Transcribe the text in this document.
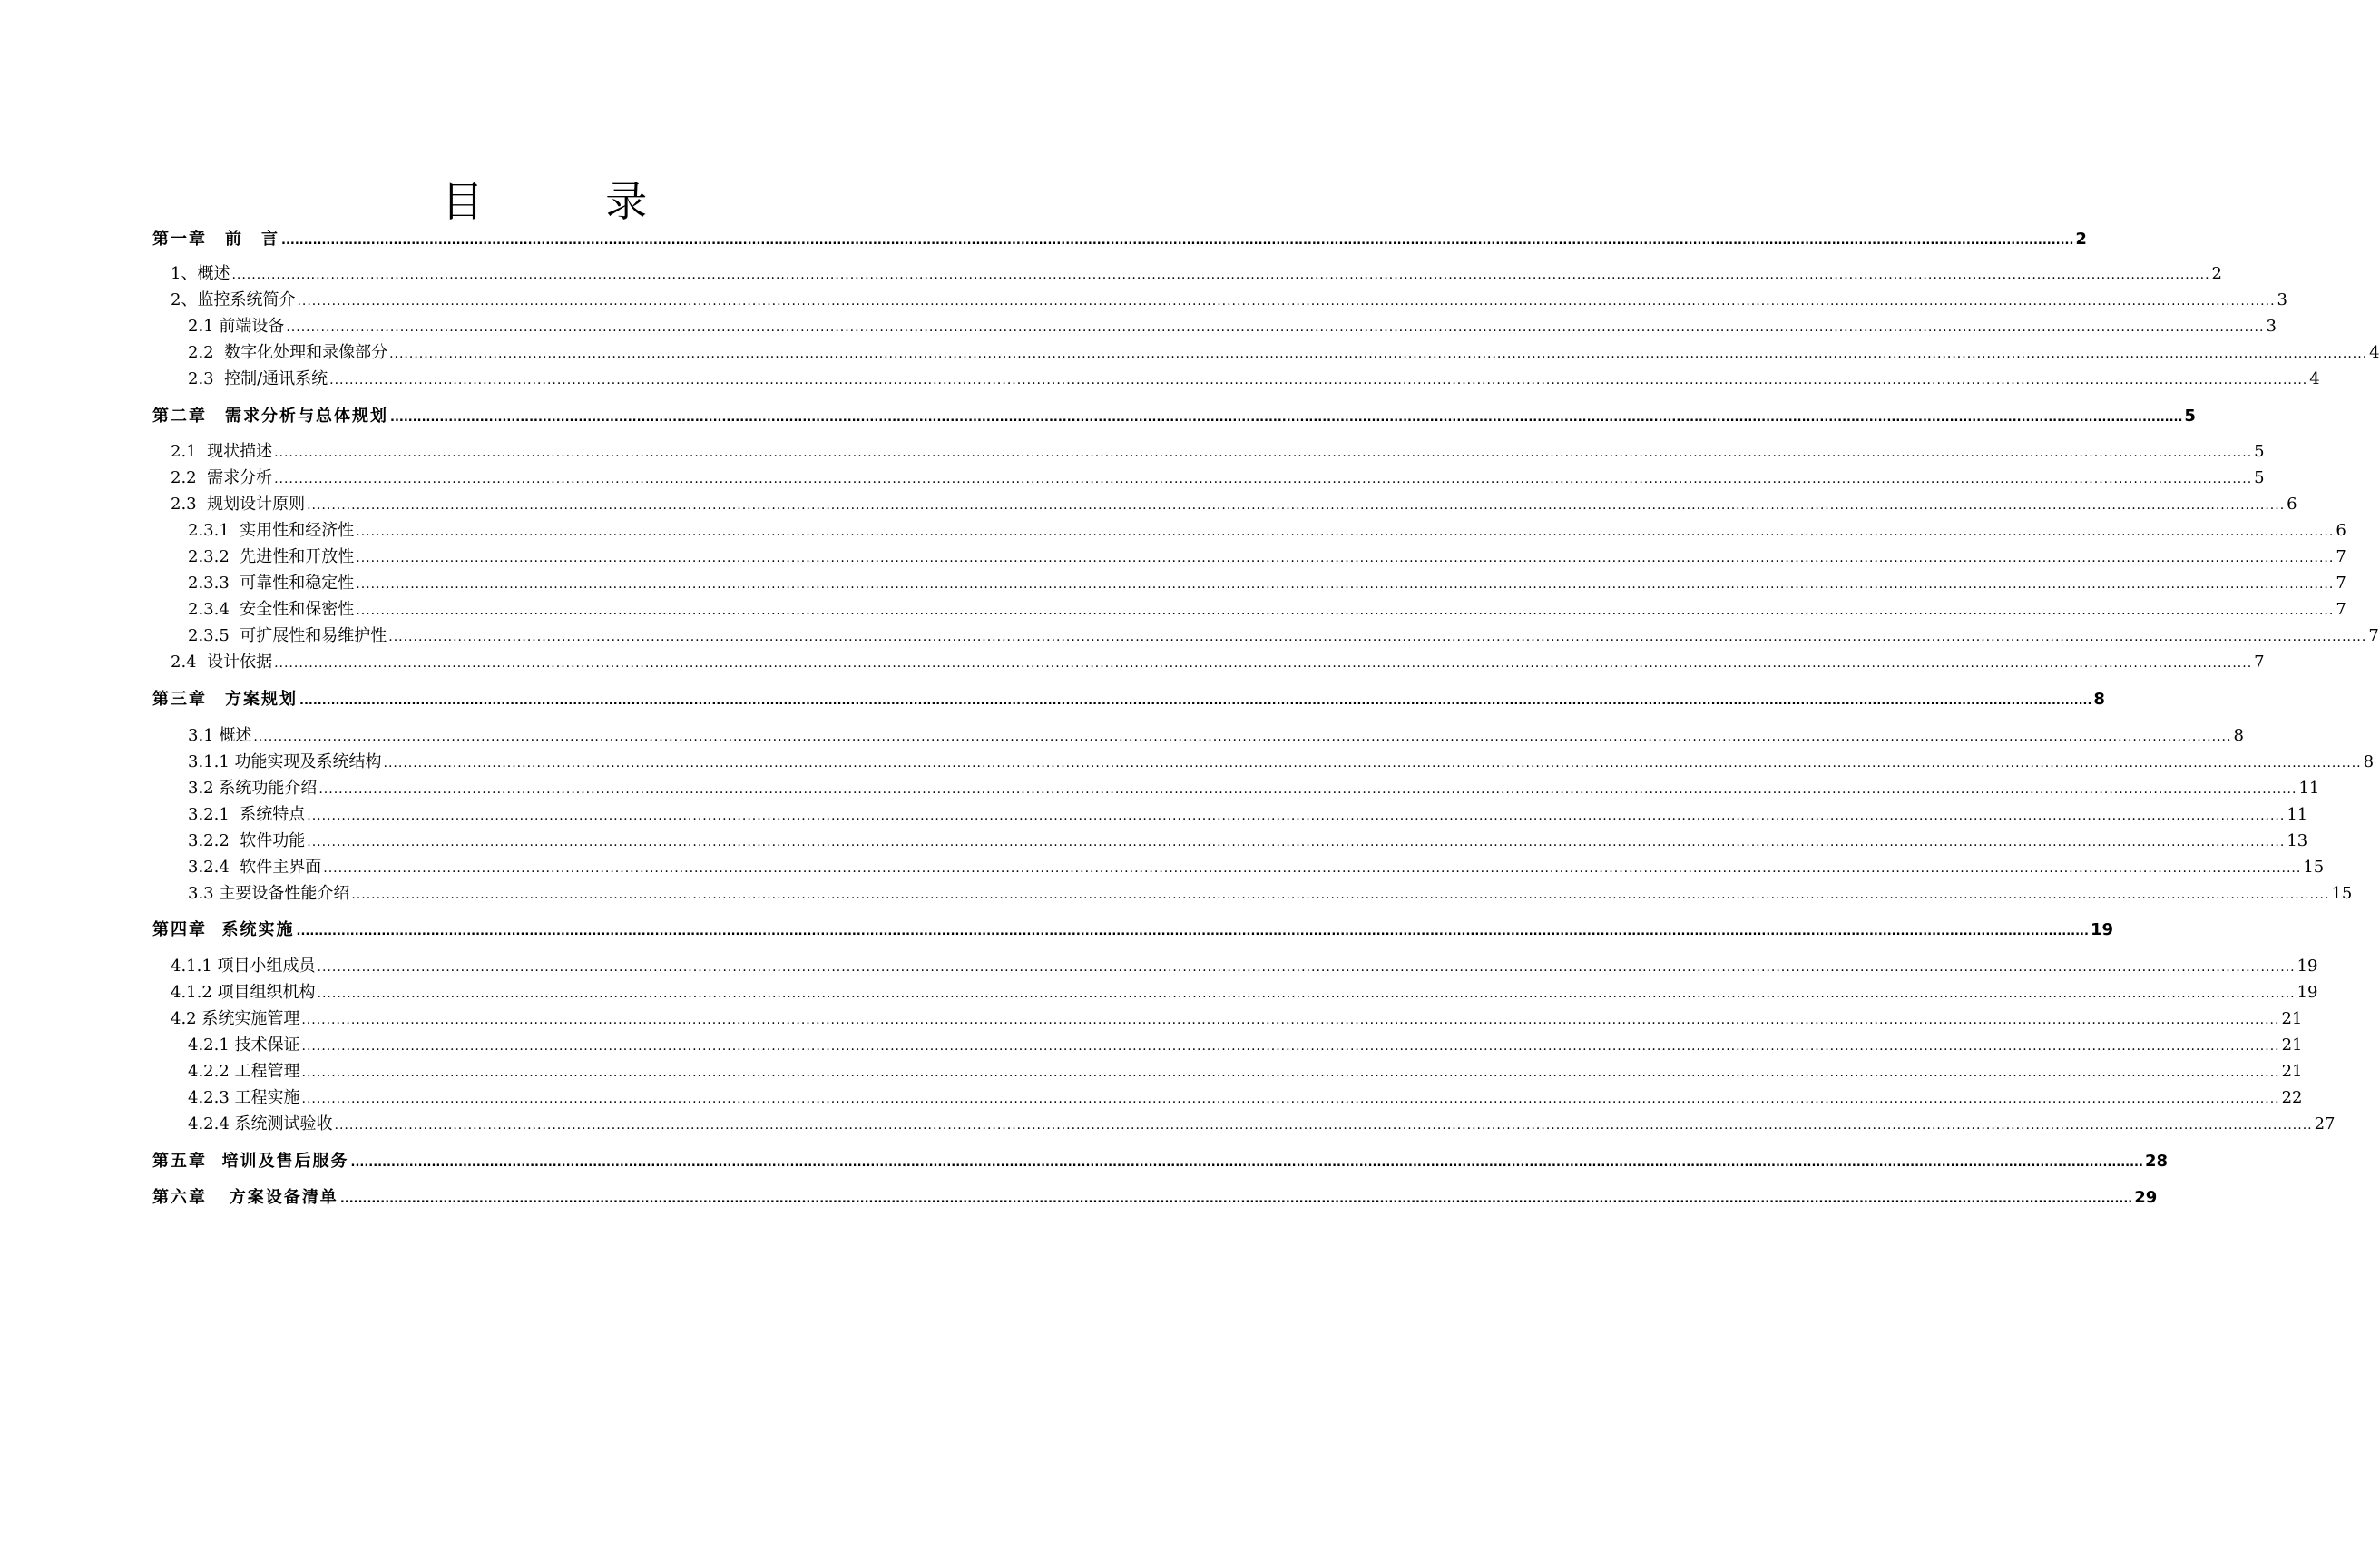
目 录
第一章　前　言 ................................................................................................................................................................................................................................................................................................................................................................................................................ 2
1、概述 ................................................................................................................................................................................................................................................................................................................................................................................................................ 2
2、监控系统简介 ................................................................................................................................................................................................................................................................................................................................................................................................................ 3
2.1 前端设备 ................................................................................................................................................................................................................................................................................................................................................................................................................ 3
2.2  数字化处理和录像部分 ................................................................................................................................................................................................................................................................................................................................................................................................................ 4
2.3  控制/通讯系统 ................................................................................................................................................................................................................................................................................................................................................................................................................ 4
第二章　需求分析与总体规划 ................................................................................................................................................................................................................................................................................................................................................................................................................ 5
2.1  现状描述 ................................................................................................................................................................................................................................................................................................................................................................................................................ 5
2.2  需求分析 ................................................................................................................................................................................................................................................................................................................................................................................................................ 5
2.3  规划设计原则 ................................................................................................................................................................................................................................................................................................................................................................................................................ 6
2.3.1  实用性和经济性 ................................................................................................................................................................................................................................................................................................................................................................................................................ 6
2.3.2  先进性和开放性 ................................................................................................................................................................................................................................................................................................................................................................................................................ 7
2.3.3  可靠性和稳定性 ................................................................................................................................................................................................................................................................................................................................................................................................................ 7
2.3.4  安全性和保密性 ................................................................................................................................................................................................................................................................................................................................................................................................................ 7
2.3.5  可扩展性和易维护性 ................................................................................................................................................................................................................................................................................................................................................................................................................ 7
2.4  设计依据 ................................................................................................................................................................................................................................................................................................................................................................................................................ 7
第三章　方案规划 ................................................................................................................................................................................................................................................................................................................................................................................................................ 8
3.1 概述 ................................................................................................................................................................................................................................................................................................................................................................................................................ 8
3.1.1 功能实现及系统结构 ................................................................................................................................................................................................................................................................................................................................................................................................................ 8
3.2 系统功能介绍 ................................................................................................................................................................................................................................................................................................................................................................................................................ 11
3.2.1  系统特点 ................................................................................................................................................................................................................................................................................................................................................................................................................ 11
3.2.2  软件功能 ................................................................................................................................................................................................................................................................................................................................................................................................................ 13
3.2.4  软件主界面 ................................................................................................................................................................................................................................................................................................................................................................................................................ 15
3.3 主要设备性能介绍 ................................................................................................................................................................................................................................................................................................................................................................................................................ 15
第四章  系统实施 ................................................................................................................................................................................................................................................................................................................................................................................................................ 19
4.1.1 项目小组成员 ................................................................................................................................................................................................................................................................................................................................................................................................................ 19
4.1.2 项目组织机构 ................................................................................................................................................................................................................................................................................................................................................................................................................ 19
4.2 系统实施管理 ................................................................................................................................................................................................................................................................................................................................................................................................................ 21
4.2.1 技术保证 ................................................................................................................................................................................................................................................................................................................................................................................................................ 21
4.2.2 工程管理 ................................................................................................................................................................................................................................................................................................................................................................................................................ 21
4.2.3 工程实施 ................................................................................................................................................................................................................................................................................................................................................................................................................ 22
4.2.4 系统测试验收 ................................................................................................................................................................................................................................................................................................................................................................................................................ 27
第五章  培训及售后服务 ................................................................................................................................................................................................................................................................................................................................................................................................................ 28
第六章   方案设备清单 ................................................................................................................................................................................................................................................................................................................................................................................................................ 29
